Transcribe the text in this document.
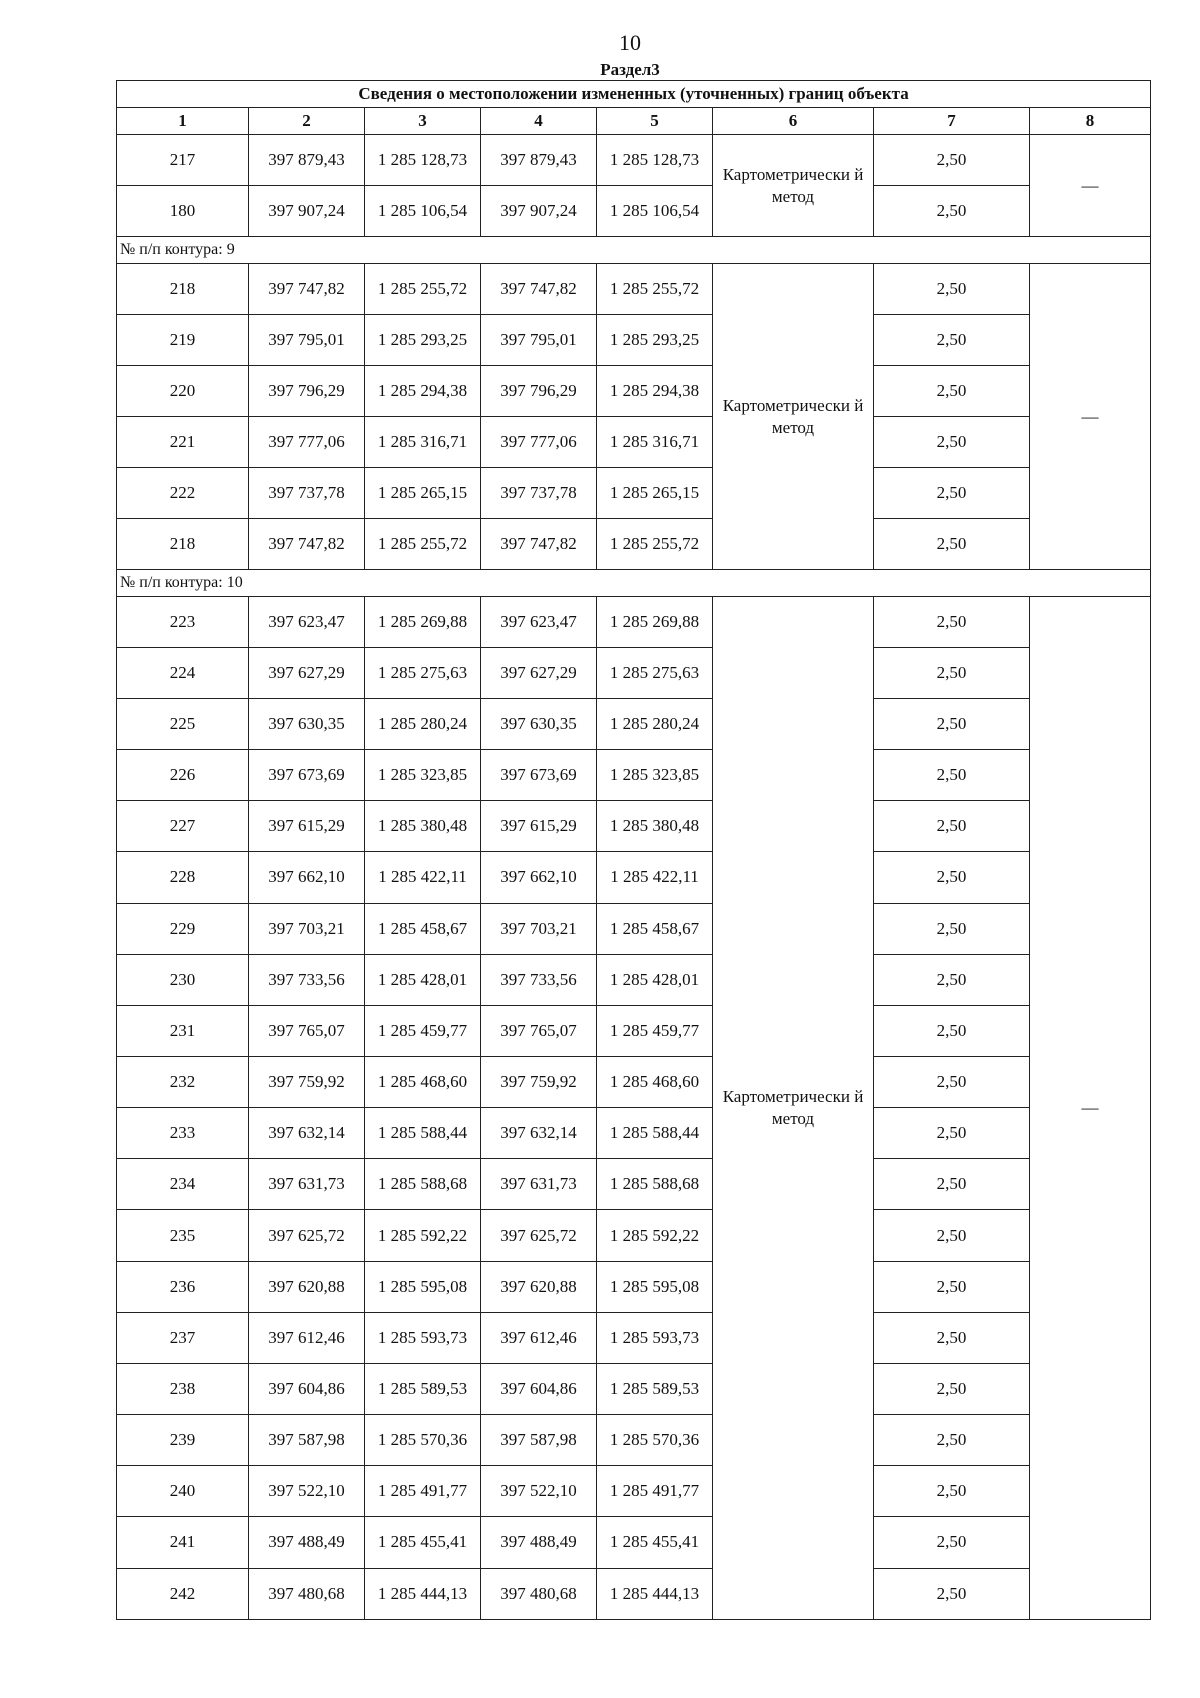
10
Раздел3
Сведения о местоположении измененных (уточненных) границ объекта							
1	2	3	4	5	6	7	8
217	397 879,43	1 285 128,73	397 879,43	1 285 128,73	Картометрически й метод	2,50	—
180	397 907,24	1 285 106,54	397 907,24	1 285 106,54		2,50	
№ п/п контура: 9							
218	397 747,82	1 285 255,72	397 747,82	1 285 255,72	Картометрически й метод	2,50	—
219	397 795,01	1 285 293,25	397 795,01	1 285 293,25		2,50	
220	397 796,29	1 285 294,38	397 796,29	1 285 294,38		2,50	
221	397 777,06	1 285 316,71	397 777,06	1 285 316,71		2,50	
222	397 737,78	1 285 265,15	397 737,78	1 285 265,15		2,50	
218	397 747,82	1 285 255,72	397 747,82	1 285 255,72		2,50	
№ п/п контура: 10							
223	397 623,47	1 285 269,88	397 623,47	1 285 269,88	Картометрически й метод	2,50	—
224	397 627,29	1 285 275,63	397 627,29	1 285 275,63		2,50	
225	397 630,35	1 285 280,24	397 630,35	1 285 280,24		2,50	
226	397 673,69	1 285 323,85	397 673,69	1 285 323,85		2,50	
227	397 615,29	1 285 380,48	397 615,29	1 285 380,48		2,50	
228	397 662,10	1 285 422,11	397 662,10	1 285 422,11		2,50	
229	397 703,21	1 285 458,67	397 703,21	1 285 458,67		2,50	
230	397 733,56	1 285 428,01	397 733,56	1 285 428,01		2,50	
231	397 765,07	1 285 459,77	397 765,07	1 285 459,77		2,50	
232	397 759,92	1 285 468,60	397 759,92	1 285 468,60		2,50	
233	397 632,14	1 285 588,44	397 632,14	1 285 588,44		2,50	
234	397 631,73	1 285 588,68	397 631,73	1 285 588,68		2,50	
235	397 625,72	1 285 592,22	397 625,72	1 285 592,22		2,50	
236	397 620,88	1 285 595,08	397 620,88	1 285 595,08		2,50	
237	397 612,46	1 285 593,73	397 612,46	1 285 593,73		2,50	
238	397 604,86	1 285 589,53	397 604,86	1 285 589,53		2,50	
239	397 587,98	1 285 570,36	397 587,98	1 285 570,36		2,50	
240	397 522,10	1 285 491,77	397 522,10	1 285 491,77		2,50	
241	397 488,49	1 285 455,41	397 488,49	1 285 455,41		2,50	
242	397 480,68	1 285 444,13	397 480,68	1 285 444,13		2,50	
